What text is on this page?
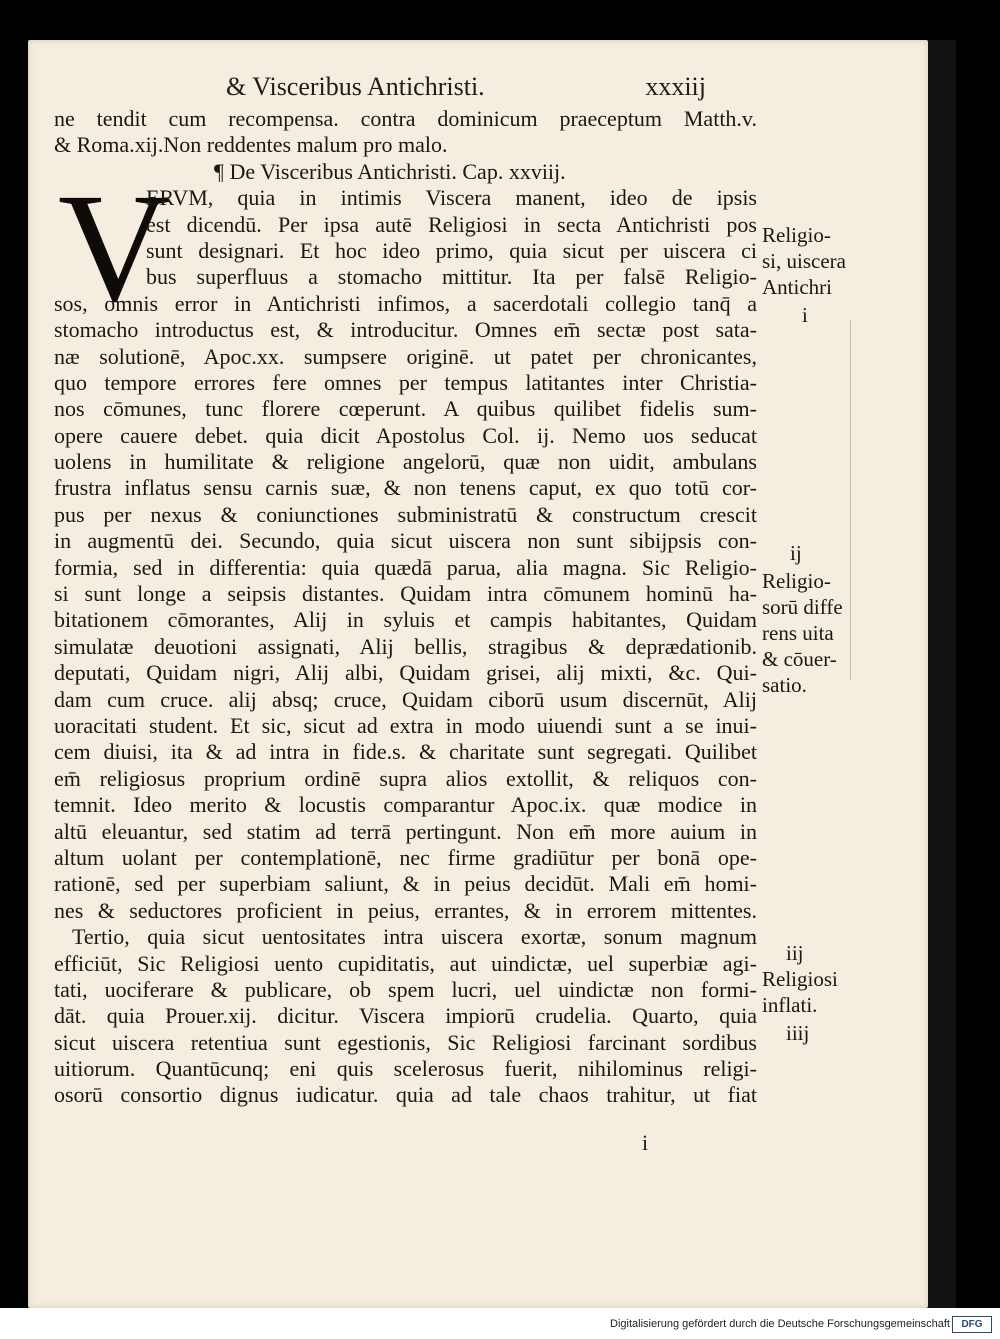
& Visceribus Antichristi.	xxxiij
V
ne tendit cum recompensa. contra dominicum praeceptum Matth.v.
& Roma.xij.Non reddentes malum pro malo.
¶ De Visceribus Antichristi. Cap. xxviij.
ERVM, quia in intimis Viscera manent, ideo de ipsis
est dicendū. Per ipsa autē Religiosi in secta Antichristi pos
sunt designari. Et hoc ideo primo, quia sicut per uiscera ci
bus superfluus a stomacho mittitur. Ita per falsē Religio-
sos, omnis error in Antichristi infimos, a sacerdotali collegio tanq̄ a
stomacho introductus est, & introducitur. Omnes em̄ sectæ post sata-
næ solutionē, Apoc.xx. sumpsere originē. ut patet per chronicantes,
quo tempore errores fere omnes per tempus latitantes inter Christia-
nos cōmunes, tunc florere cœperunt. A quibus quilibet fidelis sum-
opere cauere debet. quia dicit Apostolus Col. ij. Nemo uos seducat
uolens in humilitate & religione angelorū, quæ non uidit, ambulans
frustra inflatus sensu carnis suæ, & non tenens caput, ex quo totū cor-
pus per nexus & coniunctiones subministratū & constructum crescit
in augmentū dei. Secundo, quia sicut uiscera non sunt sibijpsis con-
formia, sed in differentia: quia quædā parua, alia magna. Sic Religio-
si sunt longe a seipsis distantes. Quidam intra cōmunem hominū ha-
bitationem cōmorantes, Alij in syluis et campis habitantes, Quidam
simulatæ deuotioni assignati, Alij bellis, stragibus & deprædationib.
deputati, Quidam nigri, Alij albi, Quidam grisei, alij mixti, &c. Qui-
dam cum cruce. alij absq; cruce, Quidam ciborū usum discernūt, Alij
uoracitati student. Et sic, sicut ad extra in modo uiuendi sunt a se inui-
cem diuisi, ita & ad intra in fide.s. & charitate sunt segregati. Quilibet
em̄ religiosus proprium ordinē supra alios extollit, & reliquos con-
temnit. Ideo merito & locustis comparantur Apoc.ix. quæ modice in
altū eleuantur, sed statim ad terrā pertingunt. Non em̄ more auium in
altum uolant per contemplationē, nec firme gradiūtur per bonā ope-
rationē, sed per superbiam saliunt, & in peius decidūt. Mali em̄ homi-
nes & seductores proficient in peius, errantes, & in errorem mittentes.
Tertio, quia sicut uentositates intra uiscera exortæ, sonum magnum
efficiūt, Sic Religiosi uento cupiditatis, aut uindictæ, uel superbiæ agi-
tati, uociferare & publicare, ob spem lucri, uel uindictæ non formi-
dāt. quia Prouer.xij. dicitur. Viscera impiorū crudelia. Quarto, quia
sicut uiscera retentiua sunt egestionis, Sic Religiosi farcinant sordibus
uitiorum. Quantūcunq; eni quis scelerosus fuerit, nihilominus religi-
osorū consortio dignus iudicatur. quia ad tale chaos trahitur, ut fiat
Religio-
si, uiscera
Antichri
i
ij
Religio-
sorū diffe
rens uita
& cōuer-
satio.
iij
Religiosi
inflati.
iiij
i
Digitalisierung gefördert durch die Deutsche Forschungsgemeinschaft	DFG
